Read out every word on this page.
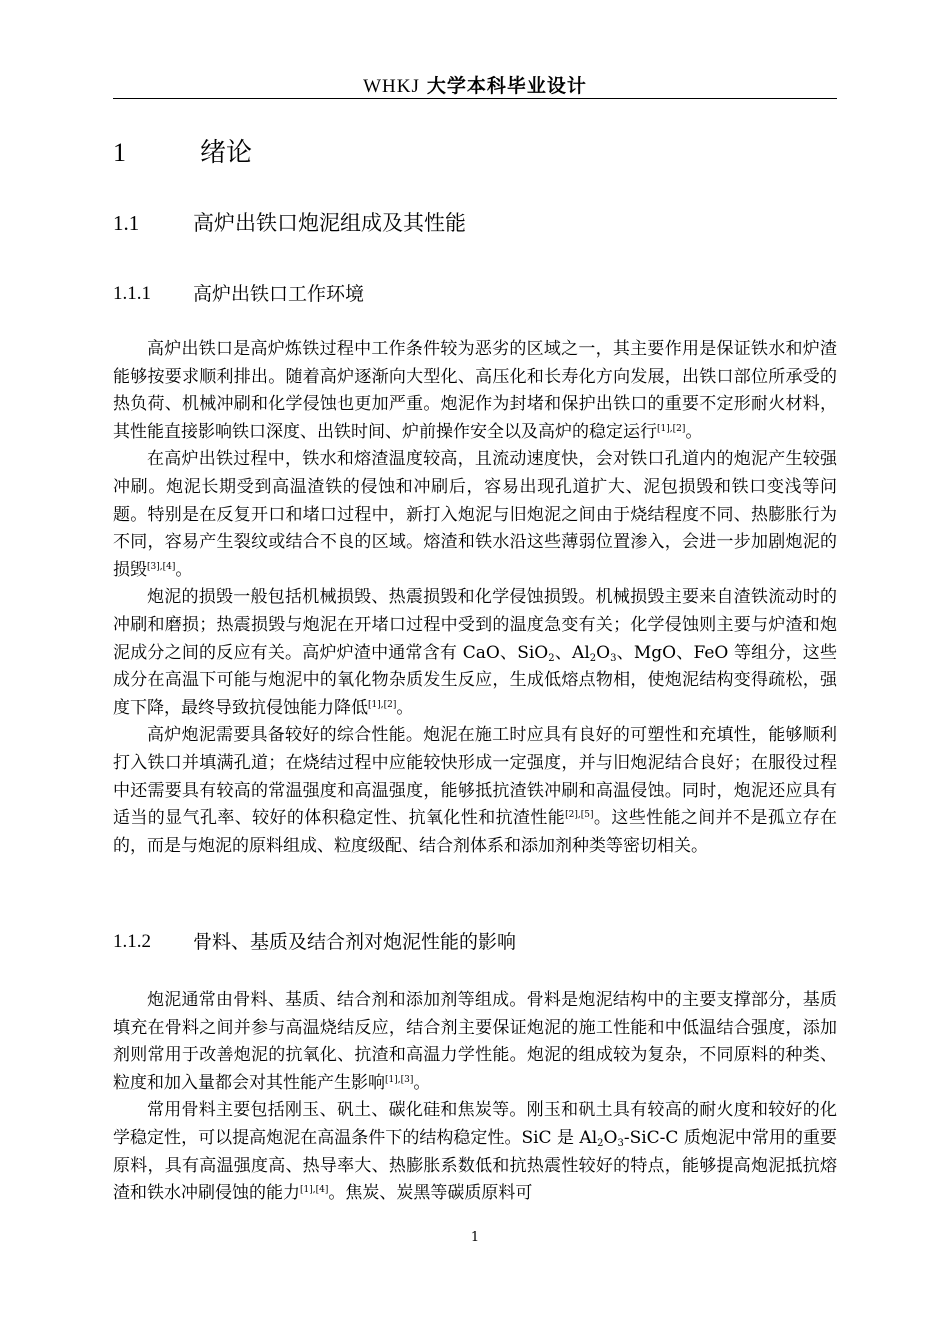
WHKJ 大学本科毕业设计
1	绪论
1.1	高炉出铁口炮泥组成及其性能
1.1.1 高炉出铁口工作环境

高炉出铁口是高炉炼铁过程中工作条件较为恶劣的区域之一，其主要作用是保证铁水和炉渣能够按要求顺利排出。随着高炉逐渐向大型化、高压化和长寿化方向发展，出铁口部位所承受的热负荷、机械冲刷和化学侵蚀也更加严重。炮泥作为封堵和保护出铁口的重要不定形耐火材料，其性能直接影响铁口深度、出铁时间、炉前操作安全以及高炉的稳定运行[1],[2]。

在高炉出铁过程中，铁水和熔渣温度较高，且流动速度快，会对铁口孔道内的炮泥产生较强冲刷。炮泥长期受到高温渣铁的侵蚀和冲刷后，容易出现孔道扩大、泥包损毁和铁口变浅等问题。特别是在反复开口和堵口过程中，新打入炮泥与旧炮泥之间由于烧结程度不同、热膨胀行为不同，容易产生裂纹或结合不良的区域。熔渣和铁水沿这些薄弱位置渗入，会进一步加剧炮泥的损毁[3],[4]。

炮泥的损毁一般包括机械损毁、热震损毁和化学侵蚀损毁。机械损毁主要来自渣铁流动时的冲刷和磨损；热震损毁与炮泥在开堵口过程中受到的温度急变有关；化学侵蚀则主要与炉渣和炮泥成分之间的反应有关。高炉炉渣中通常含有 CaO、SiO$_2$、$Al_2O_3$、MgO、FeO 等组分，这些成分在高温下可能与炮泥中的氧化物杂质发生反应，生成低熔点物相，使炮泥结构变得疏松，强度下降，最终导致抗侵蚀能力降低[1],[2]。

高炉炮泥需要具备较好的综合性能。炮泥在施工时应具有良好的可塑性和充填性，能够顺利打入铁口并填满孔道；在烧结过程中应能较快形成一定强度，并与旧炮泥结合良好；在服役过程中还需要具有较高的常温强度和高温强度，能够抵抗渣铁冲刷和高温侵蚀。同时，炮泥还应具有适当的显气孔率、较好的体积稳定性、抗氧化性和抗渣性能[2],[5]。这些性能之间并不是孤立存在的，而是与炮泥的原料组成、粒度级配、结合剂体系和添加剂种类等密切相关。

1.1.2 骨料、基质及结合剂对炮泥性能的影响

炮泥通常由骨料、基质、结合剂和添加剂等组成。骨料是炮泥结构中的主要支撑部分，基质填充在骨料之间并参与高温烧结反应，结合剂主要保证炮泥的施工性能和中低温结合强度，添加剂则常用于改善炮泥的抗氧化、抗渣和高温力学性能。炮泥的组成较为复杂，不同原料的种类、粒度和加入量都会对其性能产生影响[1],[3]。

常用骨料主要包括刚玉、矾土、碳化硅和焦炭等。刚玉和矾土具有较高的耐火度和较好的化学稳定性，可以提高炮泥在高温条件下的结构稳定性。SiC 是 $Al_2O_3-SiC-C$ 质炮泥中常用的重要原料，具有高温强度高、热导率大、热膨胀系数低和抗热震性较好的特点，能够提高炮泥抵抗熔渣和铁水冲刷侵蚀的能力[1],[4]。焦炭、炭黑等碳质原料可

1
